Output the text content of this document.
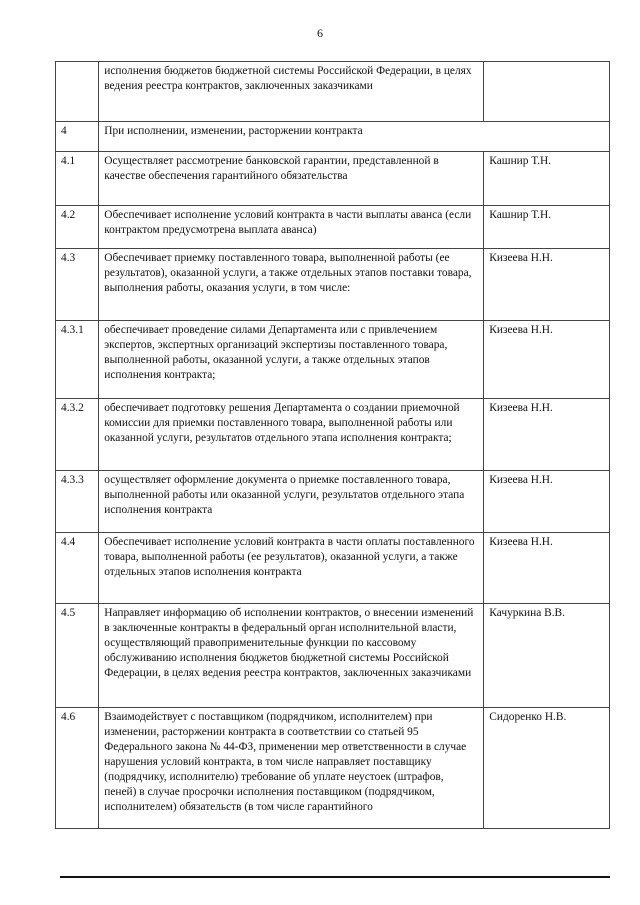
6
	исполнения бюджетов бюджетной системы Российской Федерации, в целях ведения реестра контрактов, заключенных заказчиками	
4	При исполнении, изменении, расторжении контракта	
4.1	Осуществляет рассмотрение банковской гарантии, представленной в качестве обеспечения гарантийного обязательства	Кашнир Т.Н.
4.2	Обеспечивает исполнение условий контракта в части выплаты аванса (если контрактом предусмотрена выплата аванса)	Кашнир Т.Н.
4.3	Обеспечивает приемку поставленного товара, выполненной работы (ее результатов), оказанной услуги, а также отдельных этапов поставки товара, выполнения работы, оказания услуги, в том числе:	Кизеева Н.Н.
4.3.1	обеспечивает проведение силами Департамента или с привлечением экспертов, экспертных организаций экспертизы поставленного товара, выполненной работы, оказанной услуги, а также отдельных этапов исполнения контракта;	Кизеева Н.Н.
4.3.2	обеспечивает подготовку решения Департамента о создании приемочной комиссии для приемки поставленного товара, выполненной работы или оказанной услуги, результатов отдельного этапа исполнения контракта;	Кизеева Н.Н.
4.3.3	осуществляет оформление документа о приемке поставленного товара, выполненной работы или оказанной услуги, результатов отдельного этапа исполнения контракта	Кизеева Н.Н.
4.4	Обеспечивает исполнение условий контракта в части оплаты поставленного товара, выполненной работы (ее результатов), оказанной услуги, а также отдельных этапов исполнения контракта	Кизеева Н.Н.
4.5	Направляет информацию об исполнении контрактов, о внесении изменений в заключенные контракты в федеральный орган исполнительной власти, осуществляющий правоприменительные функции по кассовому обслуживанию исполнения бюджетов бюджетной системы Российской Федерации, в целях ведения реестра контрактов, заключенных заказчиками	Качуркина В.В.
4.6	Взаимодействует с поставщиком (подрядчиком, исполнителем) при изменении, расторжении контракта в соответствии со статьей 95 Федерального закона № 44-ФЗ, применении мер ответственности в случае нарушения условий контракта, в том числе направляет поставщику (подрядчику, исполнителю) требование об уплате неустоек (штрафов, пеней) в случае просрочки исполнения поставщиком (подрядчиком, исполнителем) обязательств (в том числе гарантийного	Сидоренко Н.В.
